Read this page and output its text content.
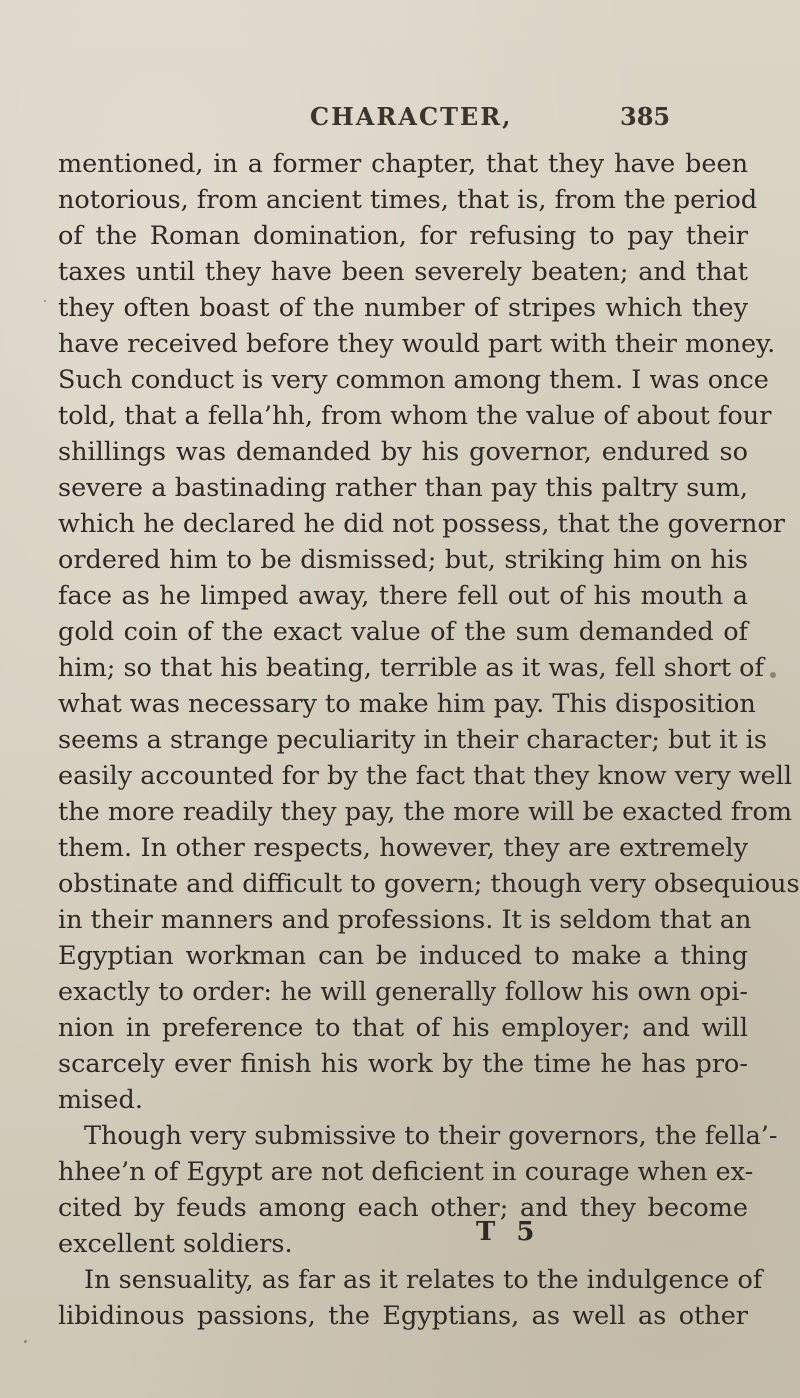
CHARACTER,	385
mentioned, in a former chapter, that they have been
notorious, from ancient times, that is, from the period
of the Roman domination, for refusing to pay their
taxes until they have been severely beaten; and that
they often boast of the number of stripes which they
have received before they would part with their money.
Such conduct is very common among them. I was once
told, that a fella’hh, from whom the value of about four
shillings was demanded by his governor, endured so
severe a bastinading rather than pay this paltry sum,
which he declared he did not possess, that the governor
ordered him to be dismissed; but, striking him on his
face as he limped away, there fell out of his mouth a
gold coin of the exact value of the sum demanded of
him; so that his beating, terrible as it was, fell short of
what was necessary to make him pay. This disposition
seems a strange peculiarity in their character; but it is
easily accounted for by the fact that they know very well
the more readily they pay, the more will be exacted from
them. In other respects, however, they are extremely
obstinate and difficult to govern; though very obsequious
in their manners and professions. It is seldom that an
Egyptian workman can be induced to make a thing
exactly to order: he will generally follow his own opi-
nion in preference to that of his employer; and will
scarcely ever finish his work by the time he has pro-
mised.
Though very submissive to their governors, the fella’-
hhee’n of Egypt are not deficient in courage when ex-
cited by feuds among each other; and they become
excellent soldiers.
In sensuality, as far as it relates to the indulgence of
libidinous passions, the Egyptians, as well as other
T 5
